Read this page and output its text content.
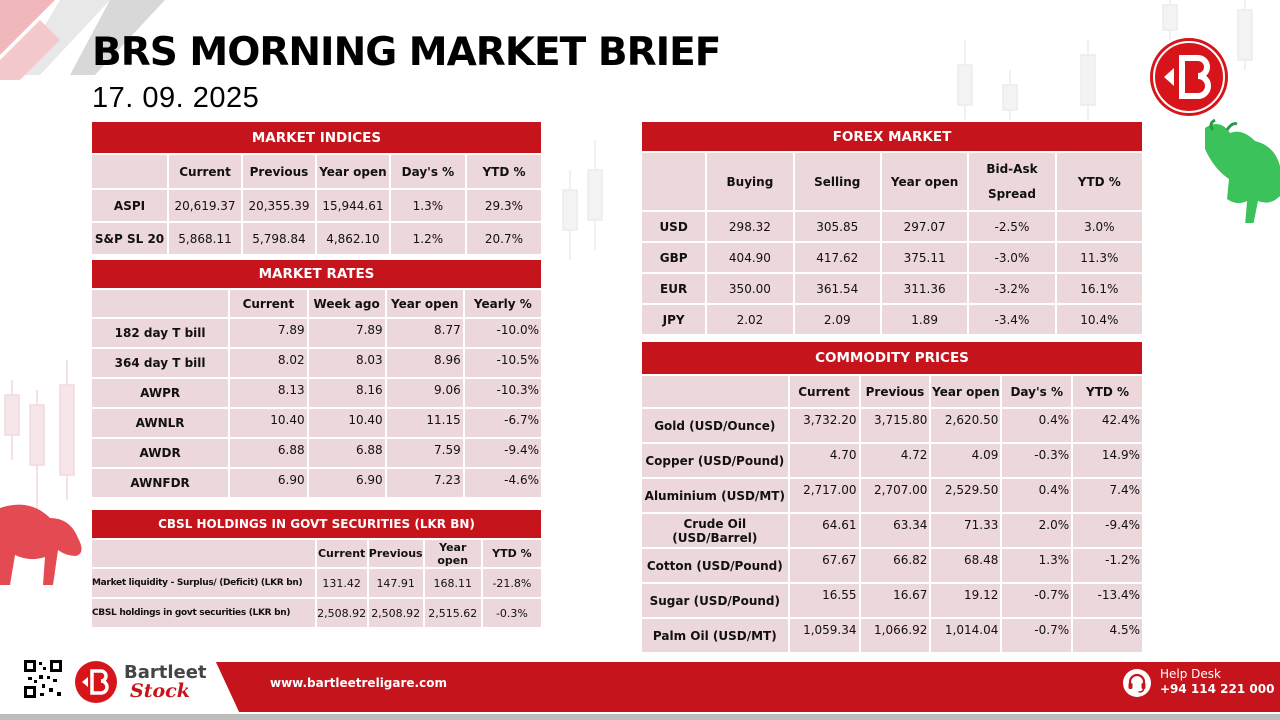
BRS MORNING MARKET BRIEF
17. 09. 2025
MARKET INDICES					
	Current	Previous	Year open	Day's %	YTD %
ASPI	20,619.37	20,355.39	15,944.61	1.3%	29.3%
S&P SL 20	5,868.11	5,798.84	4,862.10	1.2%	20.7%
MARKET RATES				
	Current	Week ago	Year open	Yearly %
182 day T bill	7.89	7.89	8.77	-10.0%
364 day T bill	8.02	8.03	8.96	-10.5%
AWPR	8.13	8.16	9.06	-10.3%
AWNLR	10.40	10.40	11.15	-6.7%
AWDR	6.88	6.88	7.59	-9.4%
AWNFDR	6.90	6.90	7.23	-4.6%
CBSL HOLDINGS IN GOVT SECURITIES (LKR BN)				
	Current	Previous	Year open	YTD %
Market liquidity - Surplus/ (Deficit) (LKR bn)	131.42	147.91	168.11	-21.8%
CBSL holdings in govt securities (LKR bn)	2,508.92	2,508.92	2,515.62	-0.3%
FOREX MARKET					
	Buying	Selling	Year open	Bid-Ask Spread	YTD %
USD	298.32	305.85	297.07	-2.5%	3.0%
GBP	404.90	417.62	375.11	-3.0%	11.3%
EUR	350.00	361.54	311.36	-3.2%	16.1%
JPY	2.02	2.09	1.89	-3.4%	10.4%
COMMODITY PRICES					
	Current	Previous	Year open	Day's %	YTD %
Gold (USD/Ounce)	3,732.20	3,715.80	2,620.50	0.4%	42.4%
Copper (USD/Pound)	4.70	4.72	4.09	-0.3%	14.9%
Aluminium (USD/MT)	2,717.00	2,707.00	2,529.50	0.4%	7.4%
Crude Oil (USD/Barrel)	64.61	63.34	71.33	2.0%	-9.4%
Cotton (USD/Pound)	67.67	66.82	68.48	1.3%	-1.2%
Sugar (USD/Pound)	16.55	16.67	19.12	-0.7%	-13.4%
Palm Oil (USD/MT)	1,059.34	1,066.92	1,014.04	-0.7%	4.5%
Bartleet
Stock	www.bartleetreligare.com
Help Desk
+94 114 221 000
